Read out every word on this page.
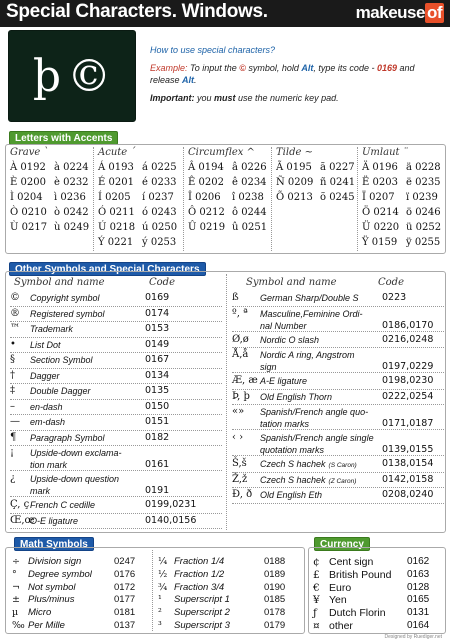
Special Characters. Windows.	makeuse of
þ ©

How to use special characters?

Example: To input the © symbol, hold Alt, type its code - 0169 and release Alt.

Important: you must use the numeric key pad.

Letters with Accents
Grave `
À 0192 à 0224
È 0200 è 0232
Ì 0204	ì 0236
Ò 0210 ò 0242
Ù 0217 ù 0249
Acute ´
Á 0193 á 0225
É 0201 é 0233
Í 0205	í 0237
Ó 0211 ó 0243
Ú 0218 ú 0250
Ý 0221 ý 0253
Circumflex ^
Â 0194 â 0226
Ê 0202 ê 0234
Î 0206	î 0238
Ô 0212 ô 0244
Û 0219 û 0251
Tilde ~
Ã 0195 ã 0227
Ñ 0209 ñ 0241
Õ 0213 õ 0245
Umlaut ¨
Ä 0196 ä 0228
Ë 0203 ë 0235
Ï 0207	ï 0239
Ö 0214 ö 0246
Ü 0220 ü 0252
Ÿ 0159 ÿ 0255
Other Symbols and Special Characters
Symbol and name	Code	Symbol and name	Code
©	Copyright symbol	0169
®	Registered symbol	0174
™	Trademark	0153
•	List Dot	0149
§	Section Symbol	0167
†	Dagger	0134
‡	Double Dagger	0135
–	en-dash	0150
—	em-dash	0151
¶	Paragraph Symbol	0182
¡	Upside-down exclama-
tion mark	0161
¿	Upside-down question
mark	0191
Ç, ç French C cedille	0199,0231
Œ,œ
O-E ligature	0140,0156
ß	German Sharp/Double S 0223
º, ª	Masculine,Feminine Ordi-
nal Number	0186,0170
Ø,ø	Nordic O slash	0216,0248
Å,å	Nordic A ring, Angstrom
sign	0197,0229
Æ, æ A-E ligature	0198,0230
Þ, þ	Old English Thorn	0222,0254
«»	Spanish/French angle quo-
tation marks	0171,0187
‹ ›	Spanish/French angle single
quotation marks	0139,0155
Š,š	Czech S hachek (S Caron)	0138,0154
Ž,ž	Czech S hachek (Z Caron)	0142,0158
Ð, ð Old English Eth	0208,0240
Math Symbols
÷ Division sign	0247
° Degree symbol 0176
¬ Not symbol	0172
± Plus/minus	0177
µ Micro	0181
‰ Per Mille	0137
¼ Fraction 1/4	0188
½ Fraction 1/2	0189
¾ Fraction 3/4	0190
¹ Superscript 1	0185
² Superscript 2	0178
³ Superscript 3	0179
Currency
¢ Cent sign	0162
£ British Pound 0163
€ Euro	0128
¥ Yen	0165
ƒ Dutch Florin 0131
¤ other	0164
Designed by Ruediger.net
